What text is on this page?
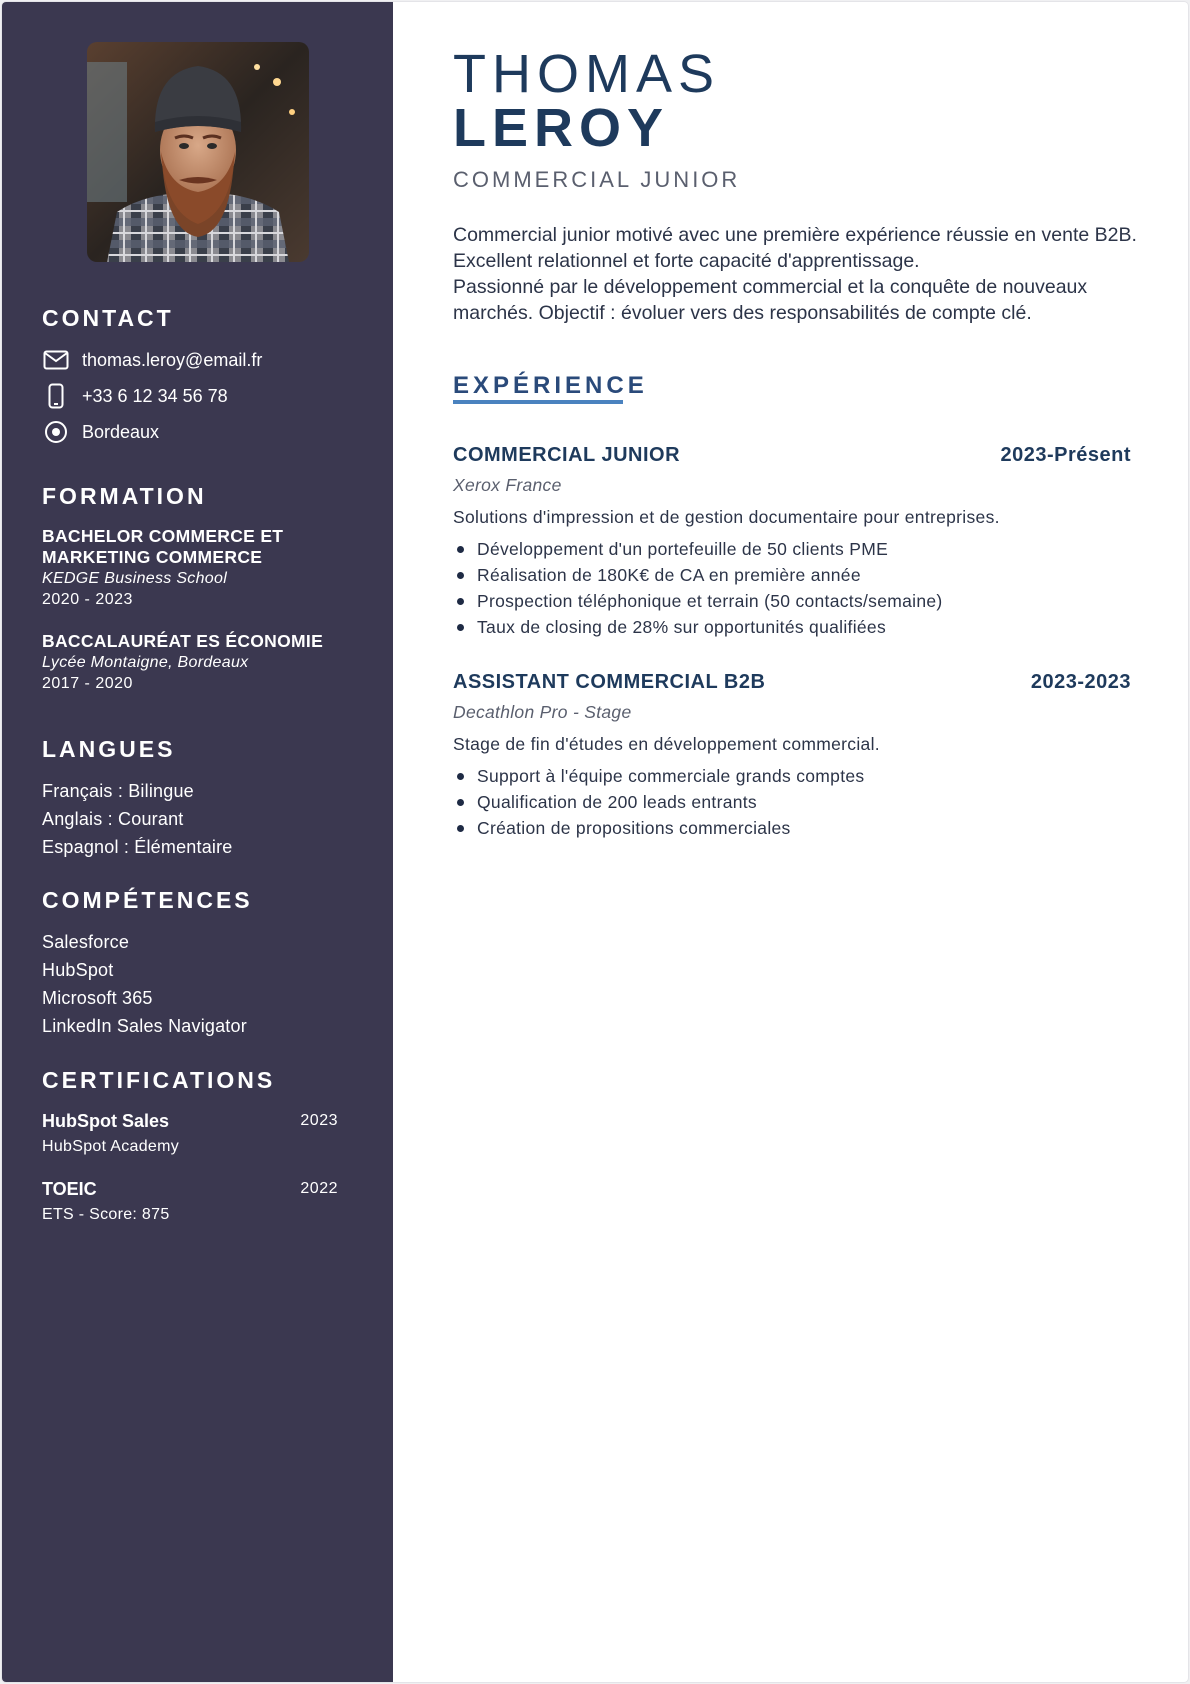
CONTACT
thomas.leroy@email.fr
+33 6 12 34 56 78
Bordeaux
FORMATION
BACHELOR COMMERCE ET MARKETING COMMERCE
KEDGE Business School
2020 - 2023
BACCALAURÉAT ES ÉCONOMIE
Lycée Montaigne, Bordeaux
2017 - 2020
LANGUES
Français : Bilingue
Anglais : Courant
Espagnol : Élémentaire
COMPÉTENCES
Salesforce
HubSpot
Microsoft 365
LinkedIn Sales Navigator
CERTIFICATIONS
HubSpot Sales	2023
HubSpot Academy
TOEIC	2022
ETS - Score: 875
THOMAS
LEROY
COMMERCIAL JUNIOR

Commercial junior motivé avec une première expérience réussie en vente B2B. Excellent relationnel et forte capacité d'apprentissage.

Passionné par le développement commercial et la conquête de nouveaux marchés. Objectif : évoluer vers des responsabilités de compte clé.

EXPÉRIENCE
COMMERCIAL JUNIOR	2023-Présent
Xerox France
Solutions d'impression et de gestion documentaire pour entreprises.
Développement d'un portefeuille de 50 clients PME
Réalisation de 180K€ de CA en première année
Prospection téléphonique et terrain (50 contacts/semaine)
Taux de closing de 28% sur opportunités qualifiées
ASSISTANT COMMERCIAL B2B	2023-2023
Decathlon Pro - Stage
Stage de fin d'études en développement commercial.
Support à l'équipe commerciale grands comptes
Qualification de 200 leads entrants
Création de propositions commerciales
